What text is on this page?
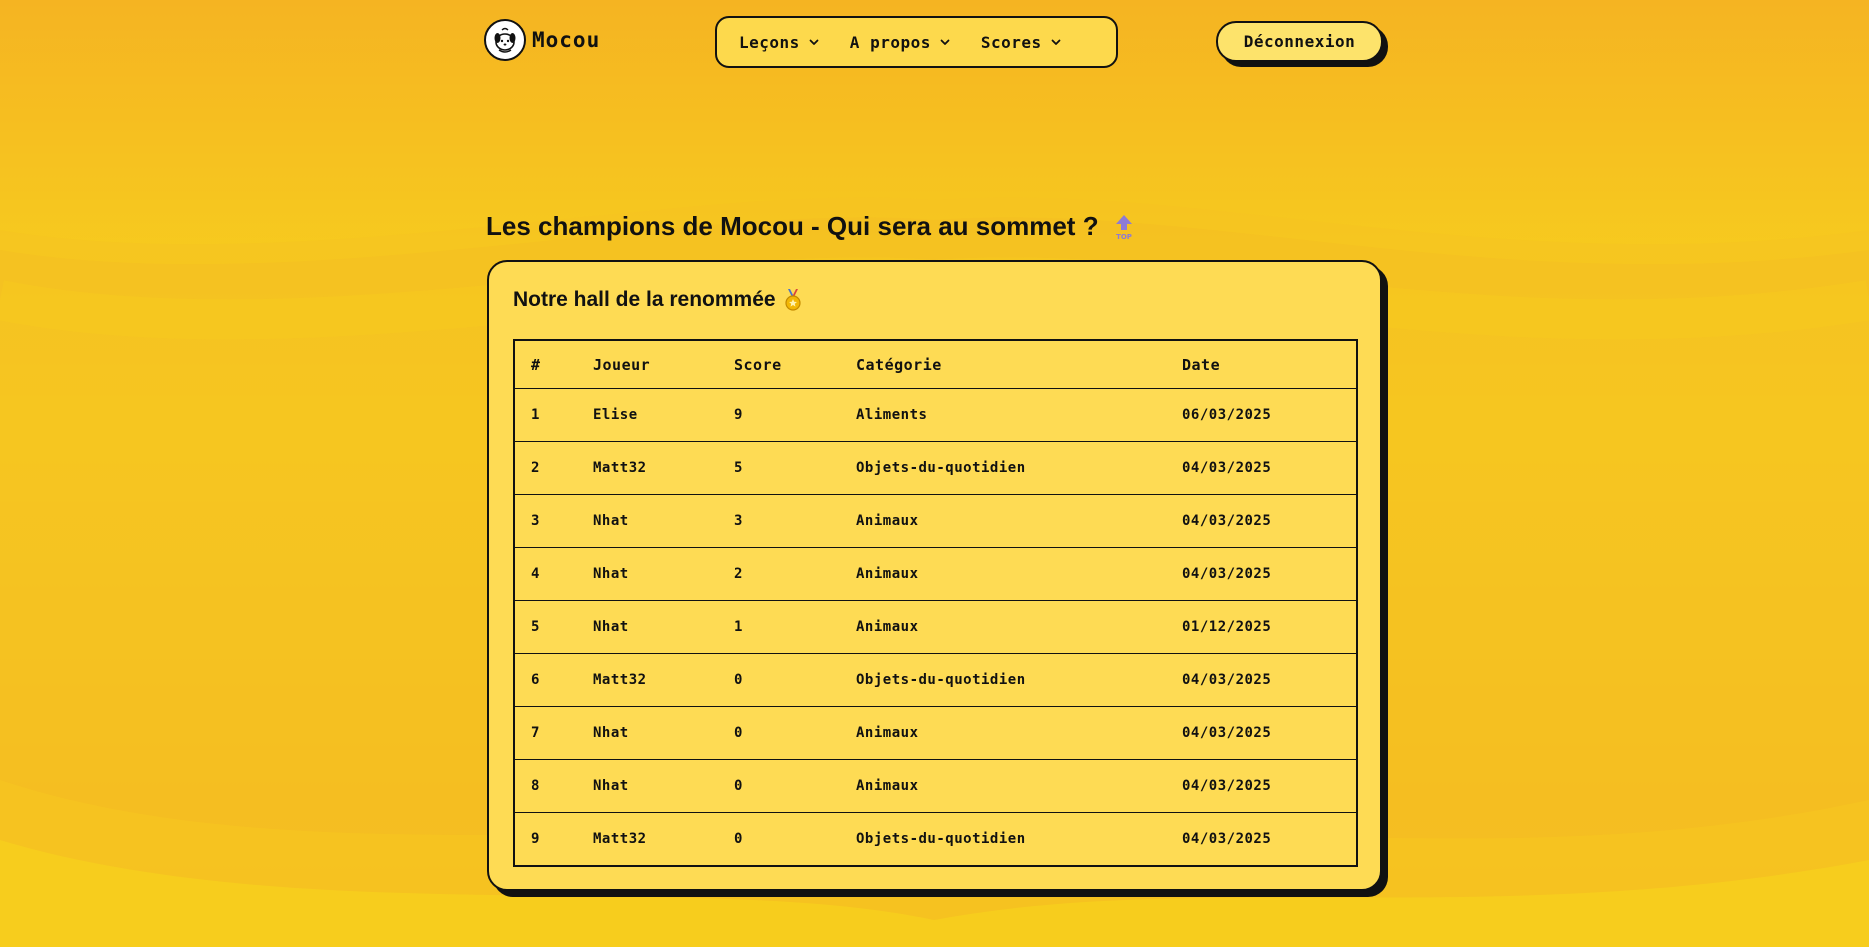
Mocou	Leçons	A propos	Scores	Déconnexion
Les champions de Mocou - Qui sera au sommet ? TOP
Notre hall de la renommée
#	Joueur	Score	Catégorie	Date
1	Elise	9	Aliments	06/03/2025
2	Matt32	5	Objets-du-quotidien	04/03/2025
3	Nhat	3	Animaux	04/03/2025
4	Nhat	2	Animaux	04/03/2025
5	Nhat	1	Animaux	01/12/2025
6	Matt32	0	Objets-du-quotidien	04/03/2025
7	Nhat	0	Animaux	04/03/2025
8	Nhat	0	Animaux	04/03/2025
9	Matt32	0	Objets-du-quotidien	04/03/2025
